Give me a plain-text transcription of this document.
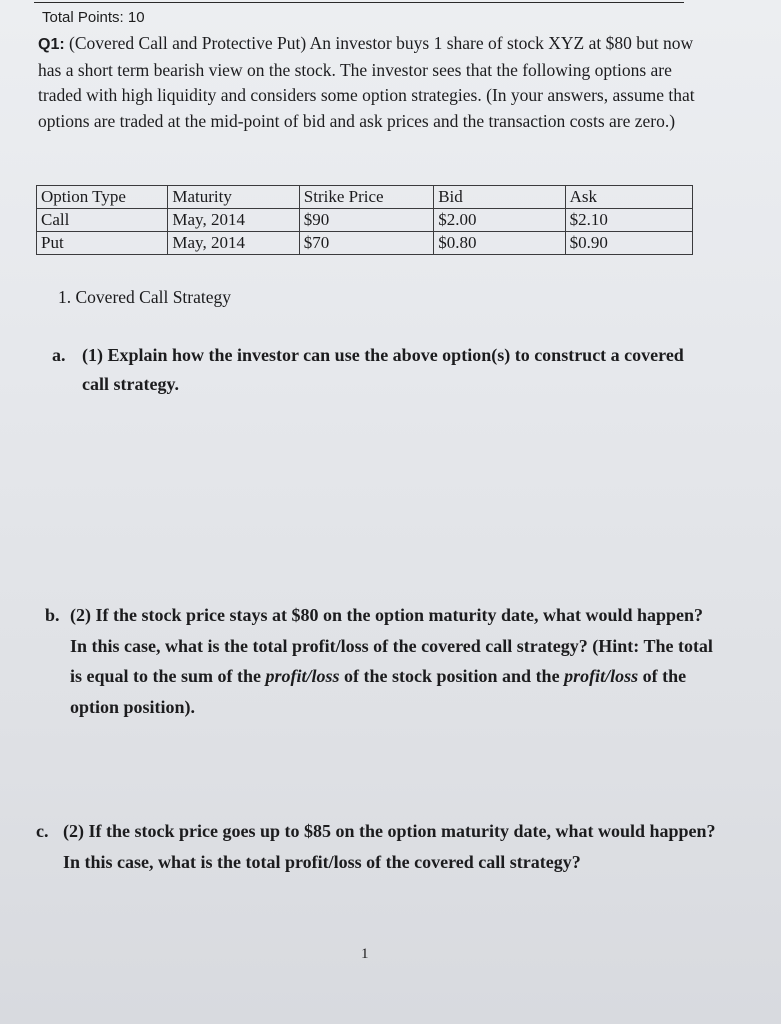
Total Points: 10
Q1: (Covered Call and Protective Put) An investor buys 1 share of stock XYZ at $80 but now has a short term bearish view on the stock. The investor sees that the following options are traded with high liquidity and considers some option strategies. (In your answers, assume that options are traded at the mid-point of bid and ask prices and the transaction costs are zero.)
Option Type	Maturity	Strike Price	Bid	Ask
Call	May, 2014	$90	$2.00	$2.10
Put	May, 2014	$70	$0.80	$0.90
1. Covered Call Strategy
a. (1) Explain how the investor can use the above option(s) to construct a covered call strategy.
b. (2) If the stock price stays at $80 on the option maturity date, what would happen? In this case, what is the total profit/loss of the covered call strategy? (Hint: The total is equal to the sum of the profit/loss of the stock position and the profit/loss of the option position).
c. (2) If the stock price goes up to $85 on the option maturity date, what would happen? In this case, what is the total profit/loss of the covered call strategy?
1
